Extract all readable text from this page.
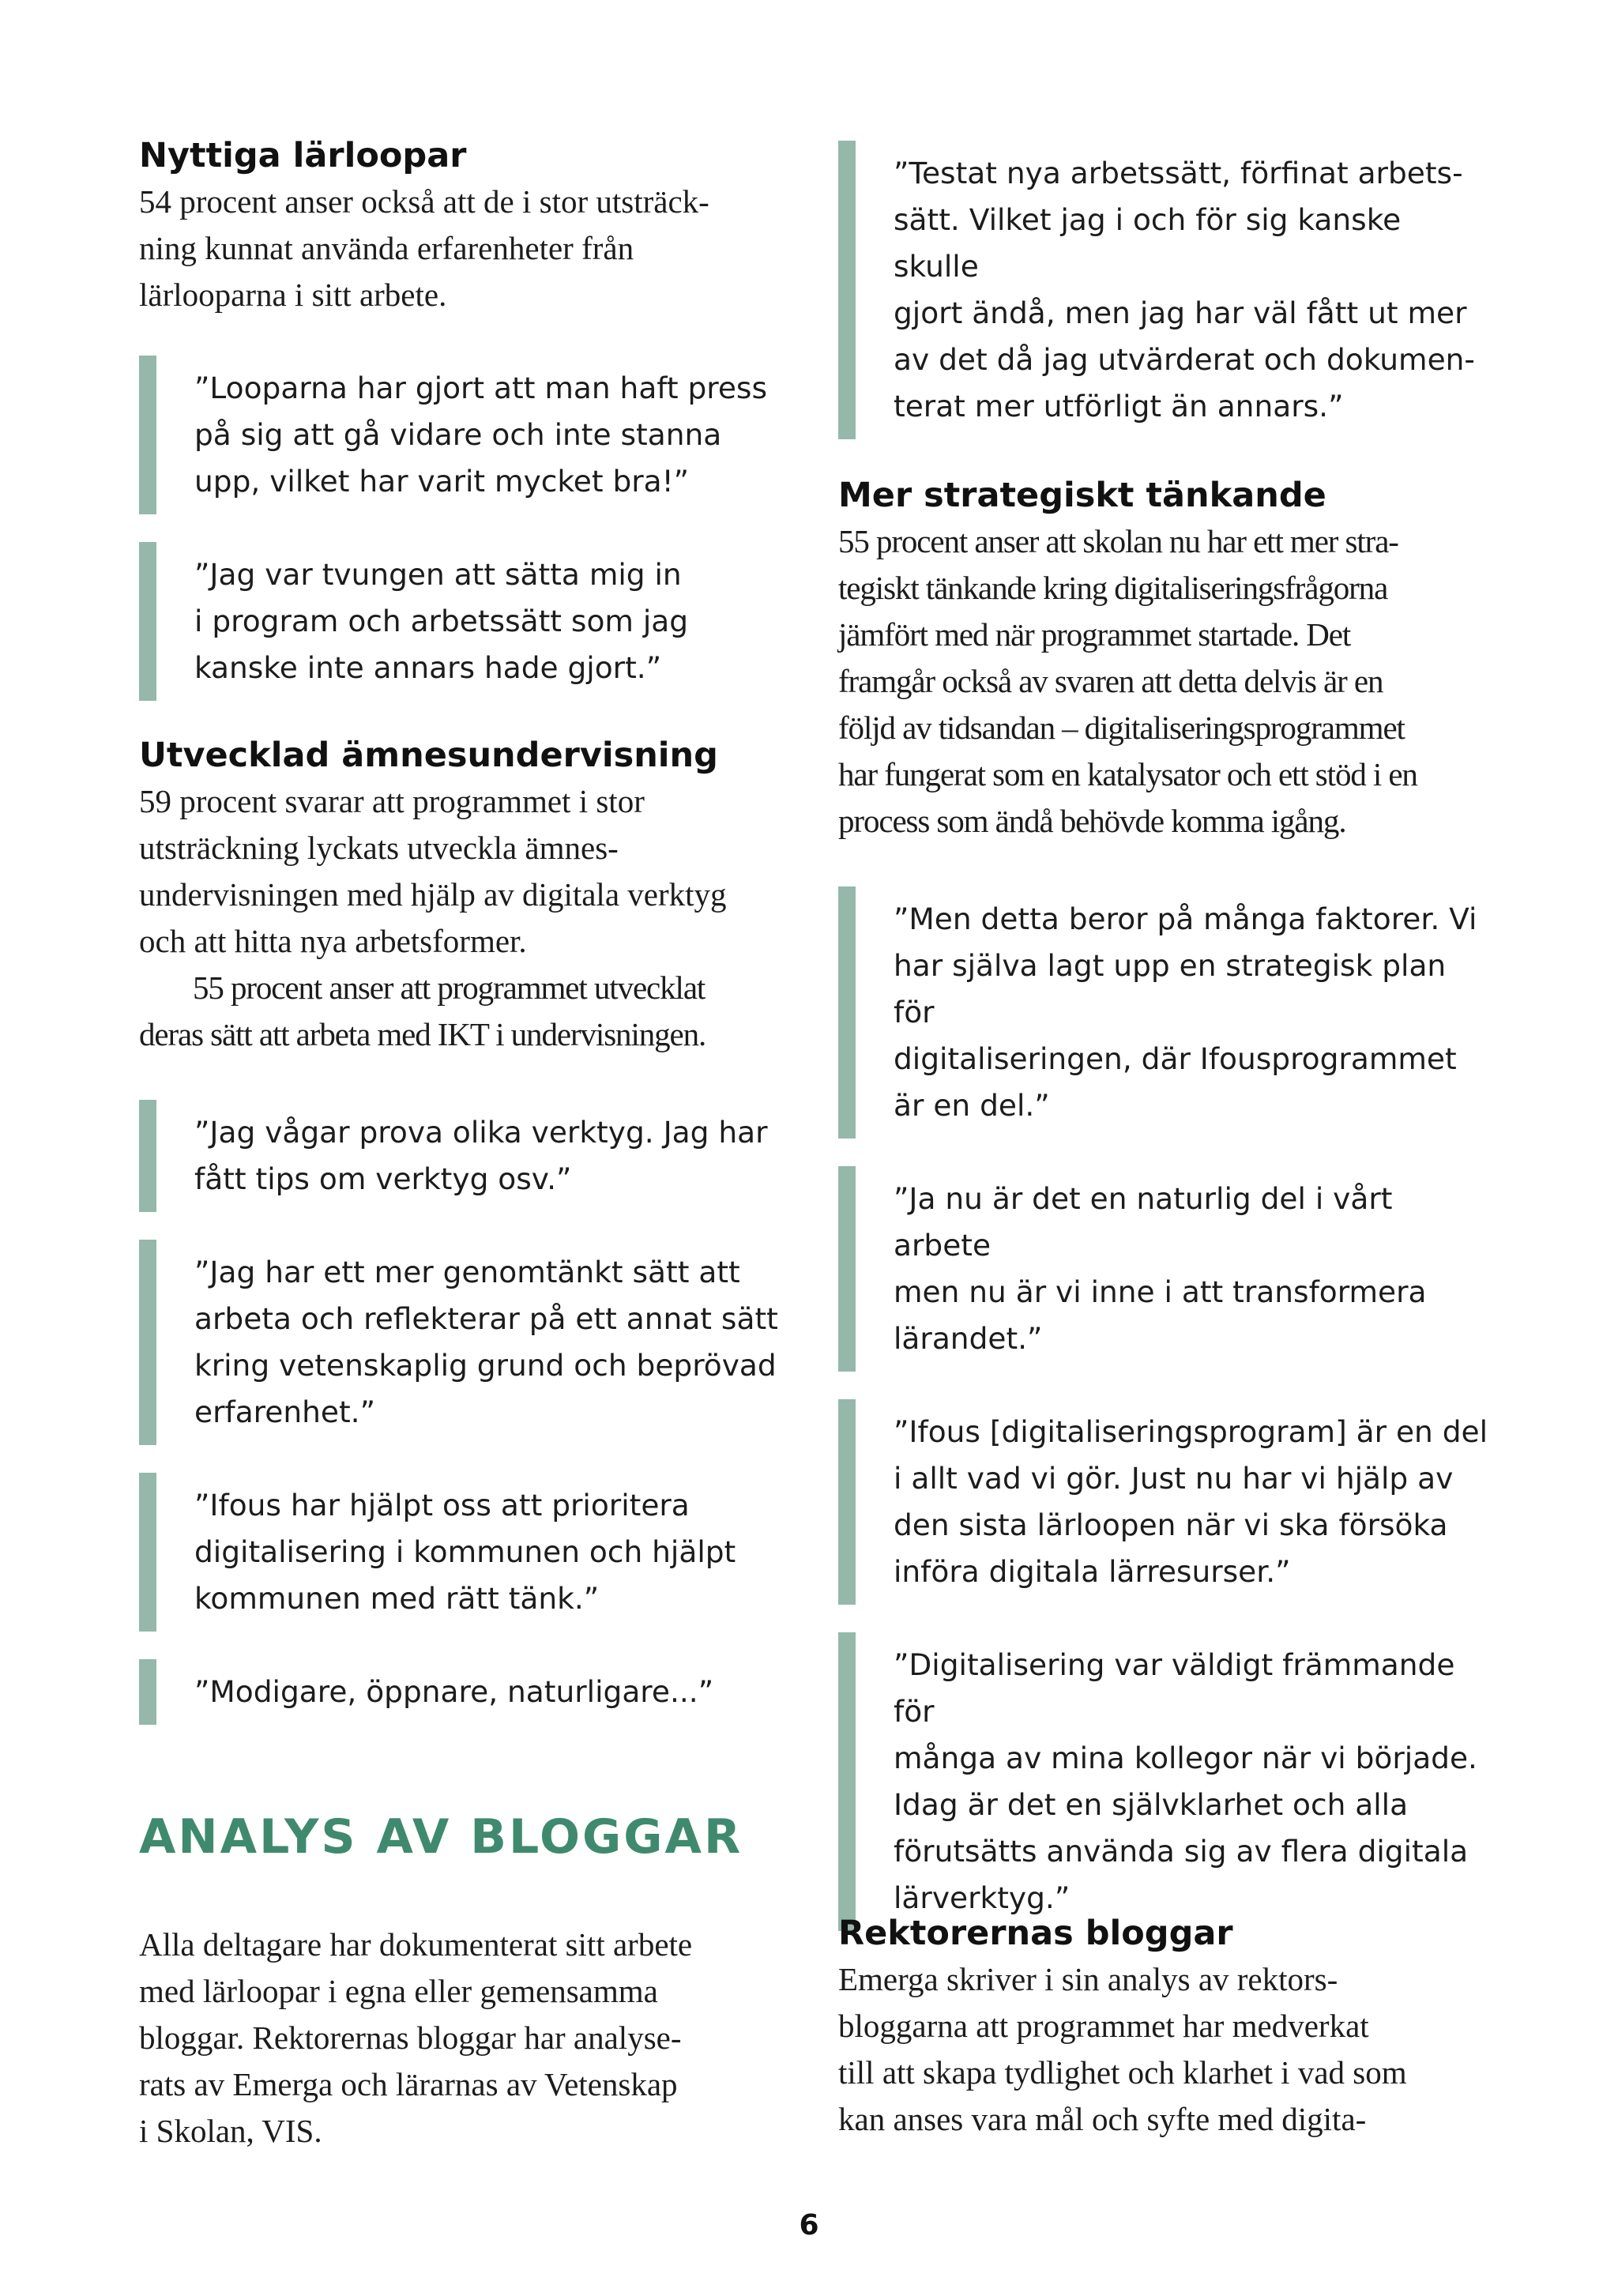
Nyttiga lärloopar

54 procent anser också att de i stor utsträck-
ning kunnat använda erfarenheter från
lärlooparna i sitt arbete.

”Looparna har gjort att man haft press
på sig att gå vidare och inte stanna
upp, vilket har varit mycket bra!”

”Jag var tvungen att sätta mig in
i program och arbetssätt som jag
kanske inte annars hade gjort.”

Utvecklad ämnesundervisning

59 procent svarar att programmet i stor
utsträckning lyckats utveckla ämnes-
undervisningen med hjälp av digitala verktyg
och att hitta nya arbetsformer.

55 procent anser att programmet utvecklat
deras sätt att arbeta med IKT i undervisningen.

”Jag vågar prova olika verktyg. Jag har
fått tips om verktyg osv.”

”Jag har ett mer genomtänkt sätt att
arbeta och reflekterar på ett annat sätt
kring vetenskaplig grund och beprövad
erfarenhet.”

”Ifous har hjälpt oss att prioritera
digitalisering i kommunen och hjälpt
kommunen med rätt tänk.”

”Modigare, öppnare, naturligare...”

”Testat nya arbetssätt, förfinat arbets-
sätt. Vilket jag i och för sig kanske skulle
gjort ändå, men jag har väl fått ut mer
av det då jag utvärderat och dokumen-
terat mer utförligt än annars.”

Mer strategiskt tänkande

55 procent anser att skolan nu har ett mer stra-
tegiskt tänkande kring digitaliseringsfrågorna
jämfört med när programmet startade. Det
framgår också av svaren att detta delvis är en
följd av tidsandan – digitaliseringsprogrammet
har fungerat som en katalysator och ett stöd i en
process som ändå behövde komma igång.

”Men detta beror på många faktorer. Vi
har själva lagt upp en strategisk plan för
digitaliseringen, där Ifousprogrammet
är en del.”

”Ja nu är det en naturlig del i vårt arbete
men nu är vi inne i att transformera
lärandet.”

”Ifous [digitaliseringsprogram] är en del
i allt vad vi gör. Just nu har vi hjälp av
den sista lärloopen när vi ska försöka
införa digitala lärresurser.”

”Digitalisering var väldigt främmande för
många av mina kollegor när vi började.
Idag är det en självklarhet och alla
förutsätts använda sig av flera digitala
lärverktyg.”

ANALYS AV BLOGGAR

Alla deltagare har dokumenterat sitt arbete
med lärloopar i egna eller gemensamma
bloggar. Rektorernas bloggar har analyse-
rats av Emerga och lärarnas av Vetenskap
i Skolan, VIS.

Rektorernas bloggar

Emerga skriver i sin analys av rektors-
bloggarna att programmet har medverkat
till att skapa tydlighet och klarhet i vad som
kan anses vara mål och syfte med digita-

6
